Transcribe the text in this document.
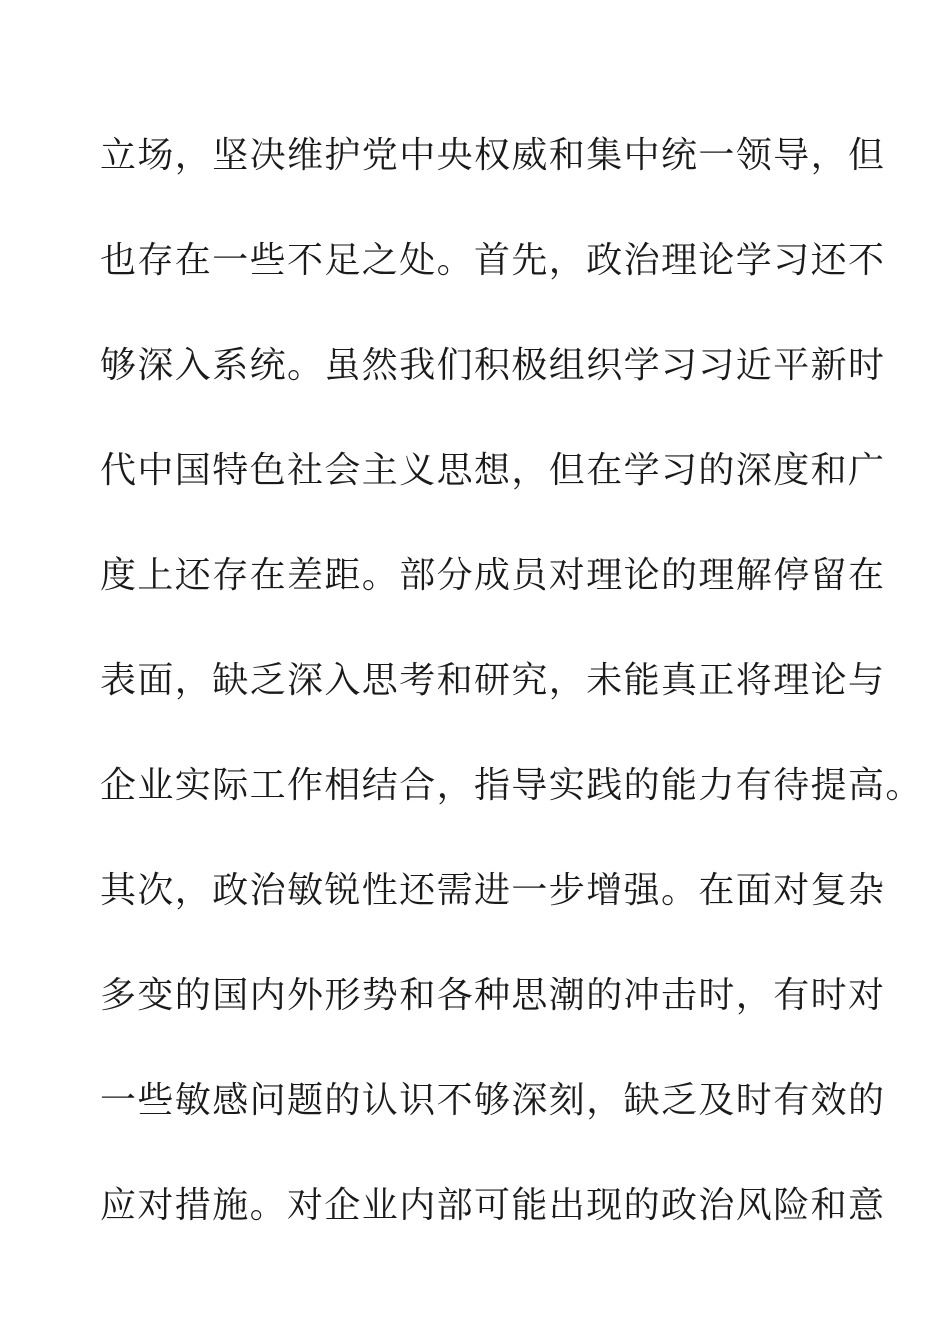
立场，坚决维护党中央权威和集中统一领导，但
也存在一些不足之处。首先，政治理论学习还不
够深入系统。虽然我们积极组织学习习近平新时
代中国特色社会主义思想，但在学习的深度和广
度上还存在差距。部分成员对理论的理解停留在
表面，缺乏深入思考和研究，未能真正将理论与
企业实际工作相结合，指导实践的能力有待提高。
其次，政治敏锐性还需进一步增强。在面对复杂
多变的国内外形势和各种思潮的冲击时，有时对
一些敏感问题的认识不够深刻，缺乏及时有效的
应对措施。对企业内部可能出现的政治风险和意
